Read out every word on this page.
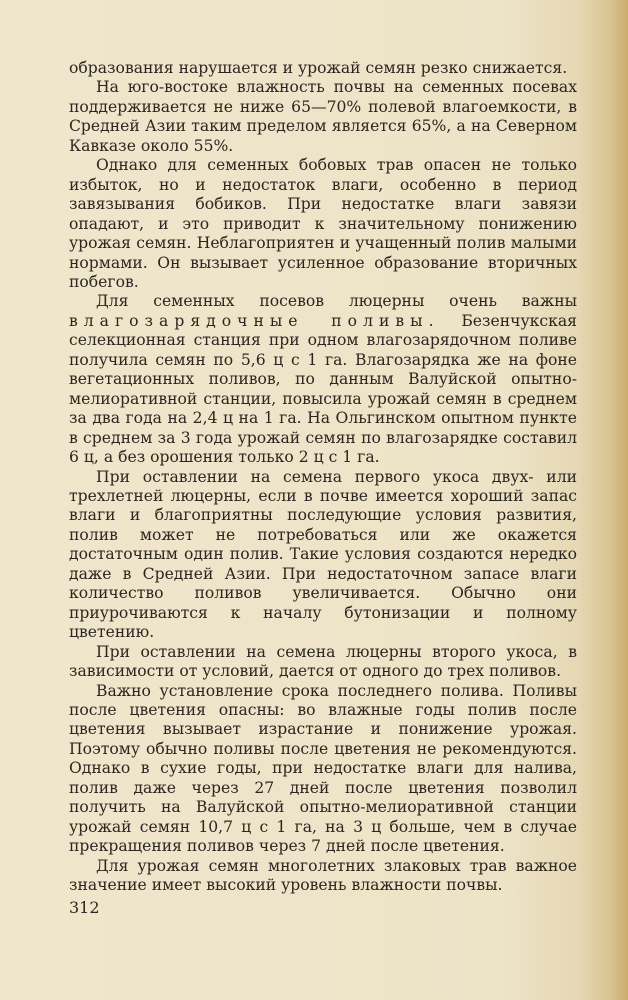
образования нарушается и урожай семян резко снижается.

На юго-востоке влажность почвы на семенных посевах поддерживается не ниже 65—70% полевой влагоемкости, в Средней Азии таким пределом является 65%, а на Северном Кавказе около 55%.

Однако для семенных бобовых трав опасен не только избыток, но и недостаток влаги, особенно в период завязывания бобиков. При недостатке влаги завязи опадают, и это приводит к значительному понижению урожая семян. Неблагоприятен и учащенный полив малыми нормами. Он вызывает усиленное образование вторичных побегов.

Для семенных посевов люцерны очень важны влагозарядочные поливы. Безенчукская селекционная станция при одном влагозарядочном поливе получила семян по 5,6 ц с 1 га. Влагозарядка же на фоне вегетационных поливов, по данным Валуйской опытно-мелиоративной станции, повысила урожай семян в среднем за два года на 2,4 ц на 1 га. На Ольгинском опытном пункте в среднем за 3 года урожай семян по влагозарядке составил 6 ц, а без орошения только 2 ц с 1 га.

При оставлении на семена первого укоса двух- или трехлетней люцерны, если в почве имеется хороший запас влаги и благоприятны последующие условия развития, полив может не потребоваться или же окажется достаточным один полив. Такие условия создаются нередко даже в Средней Азии. При недостаточном запасе влаги количество поливов увеличивается. Обычно они приурочиваются к началу бутонизации и полному цветению.

При оставлении на семена люцерны второго укоса, в зависимости от условий, дается от одного до трех поливов.

Важно установление срока последнего полива. Поливы после цветения опасны: во влажные годы полив после цветения вызывает израстание и понижение урожая. Поэтому обычно поливы после цветения не рекомендуются. Однако в сухие годы, при недостатке влаги для налива, полив даже через 27 дней после цветения позволил получить на Валуйской опытно-мелиоративной станции урожай семян 10,7 ц с 1 га, на 3 ц больше, чем в случае прекращения поливов через 7 дней после цветения.

Для урожая семян многолетних злаковых трав важное значение имеет высокий уровень влажности почвы.

312
